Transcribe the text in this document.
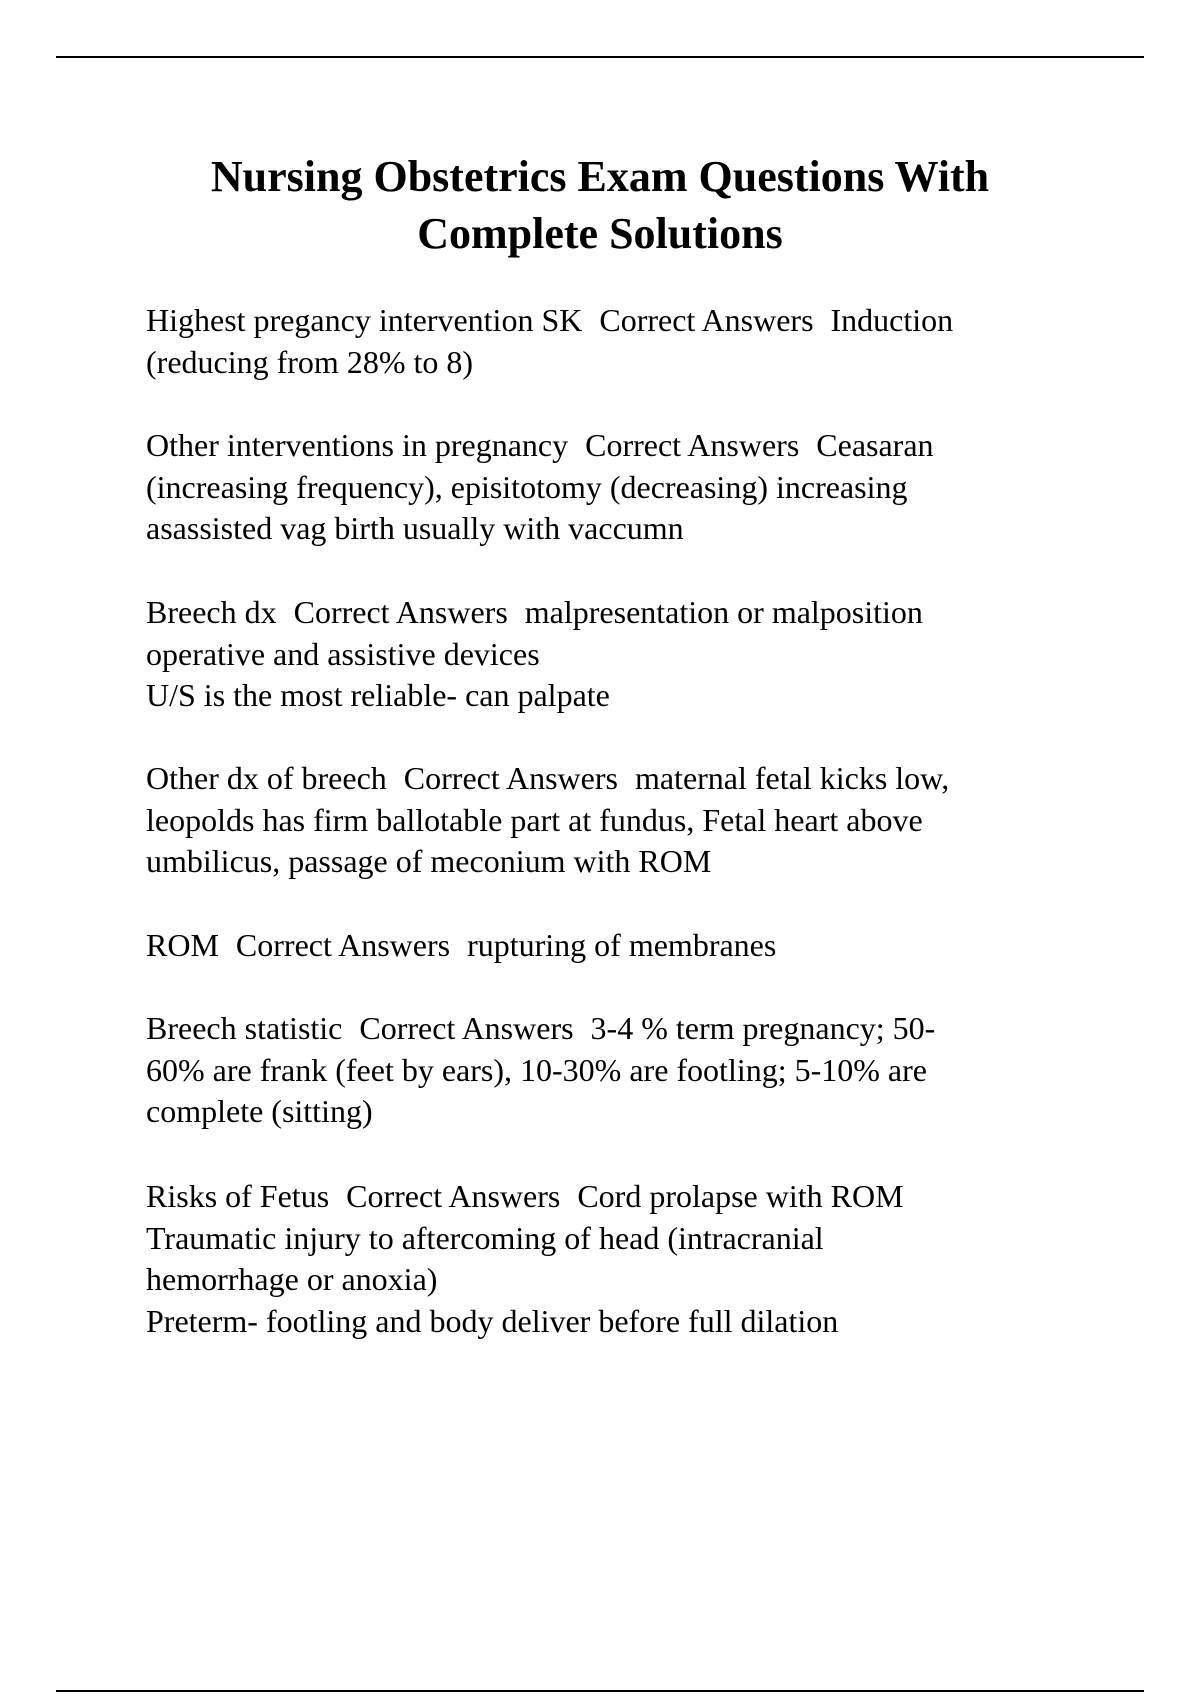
Nursing Obstetrics Exam Questions With
Complete Solutions
Highest pregancy intervention SK Correct Answers Induction
(reducing from 28% to 8)
Other interventions in pregnancy Correct Answers Ceasaran
(increasing frequency), episitotomy (decreasing) increasing
asassisted vag birth usually with vaccumn
Breech dx Correct Answers malpresentation or malposition
operative and assistive devices
U/S is the most reliable- can palpate
Other dx of breech Correct Answers maternal fetal kicks low,
leopolds has firm ballotable part at fundus, Fetal heart above
umbilicus, passage of meconium with ROM
ROM Correct Answers rupturing of membranes
Breech statistic Correct Answers 3-4 % term pregnancy; 50-
60% are frank (feet by ears), 10-30% are footling; 5-10% are
complete (sitting)
Risks of Fetus Correct Answers Cord prolapse with ROM
Traumatic injury to aftercoming of head (intracranial
hemorrhage or anoxia)
Preterm- footling and body deliver before full dilation
